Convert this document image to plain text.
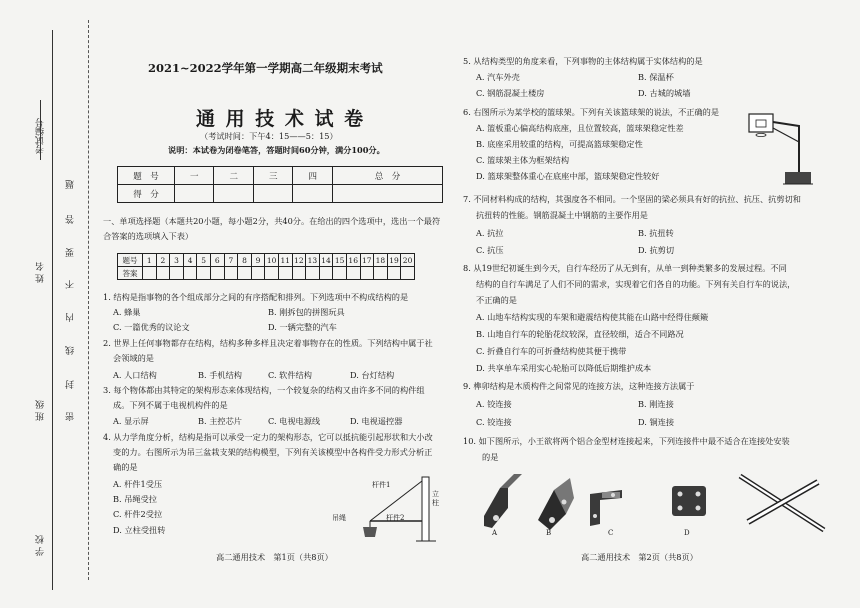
考试编号
姓 名
班 级
学 校
题
答
要
不
内
线
封
密
2021~2022学年第一学期高二年级期末考试
通 用 技 术 试 卷
（考试时间：下午4：15——5：15）
说明：本试卷为闭卷笔答，答题时间60分钟，满分100分。
题　号	一	二	三	四	总　分
得　分					
一、单项选择题（本题共20小题，每小题2分，共40分。在给出的四个选项中，选出一个最符
合答案的选项填入下表）
题号	1	2	3	4	5	6	7	8	9	10	11	12	13	14	15	16	17	18	19	20
答案																				
1. 结构是指事物的各个组成部分之间的有序搭配和排列。下列选项中不构成结构的是
A. 蜂巢	B. 刚拆包的拼图玩具
C. 一篇优秀的议论文	D. 一辆完整的汽车
2. 世界上任何事物都存在结构，结构多种多样且决定着事物存在的性质。下列结构中属于社
会领域的是
A. 人口结构	B. 手机结构	C. 软件结构	D. 台灯结构
3. 每个物体都由其特定的架构形态来体现结构，一个较复杂的结构又由许多不同的构件组
成。下列不属于电视机构件的是
A. 显示屏	B. 主控芯片	C. 电视电源线	D. 电视遥控器
4. 从力学角度分析，结构是指可以承受一定力的架构形态，它可以抵抗能引起形状和大小改
变的力。右图所示为吊三盆栽支架的结构模型，下列有关该模型中各构件受力形式分析正
确的是
A. 杆件1受压
B. 吊绳受拉
C. 杆件2受拉
D. 立柱受扭转
杆件1
杆件2
吊绳
立柱
高二通用技术　第1页（共8页）
5. 从结构类型的角度来看，下列事物的主体结构属于实体结构的是
A. 汽车外壳	B. 保温杯
C. 钢筋混凝土楼房	D. 古城的城墙
6. 右图所示为某学校的篮球架。下列有关该篮球架的说法，不正确的是
A. 篮板重心偏高结构底座，且位置较高，篮球架稳定性差
B. 底座采用较重的结构，可提高篮球架稳定性
C. 篮球架主体为框架结构
D. 篮球架整体重心在底座中部，篮球架稳定性较好
7. 不同材料构成的结构，其强度各不相同。一个坚固的梁必须具有好的抗拉、抗压、抗剪切和
抗扭转的性能。钢筋混凝土中钢筋的主要作用是
A. 抗拉	B. 抗扭转
C. 抗压	D. 抗剪切
8. 从19世纪初诞生到今天，自行车经历了从无到有，从单一到种类繁多的发展过程。不同
结构的自行车满足了人们不同的需求，实现着它们各自的功能。下列有关自行车的说法，
不正确的是
A. 山地车结构实现的车架和避震结构使其能在山路中经得住颠簸
B. 山地自行车的轮胎花纹较深，直径较细，适合不同路况
C. 折叠自行车的可折叠结构使其便于携带
D. 共享单车采用实心轮胎可以降低后期维护成本
9. 榫卯结构是木质构件之间常见的连接方法，这种连接方法属于
A. 铰连接	B. 刚连接
C. 铰连接	D. 铜连接
10. 如下图所示，小王欲将两个铝合金型材连接起来，下列连接件中最不适合在连接处安装
的是
A	B	C	D
高二通用技术　第2页（共8页）
